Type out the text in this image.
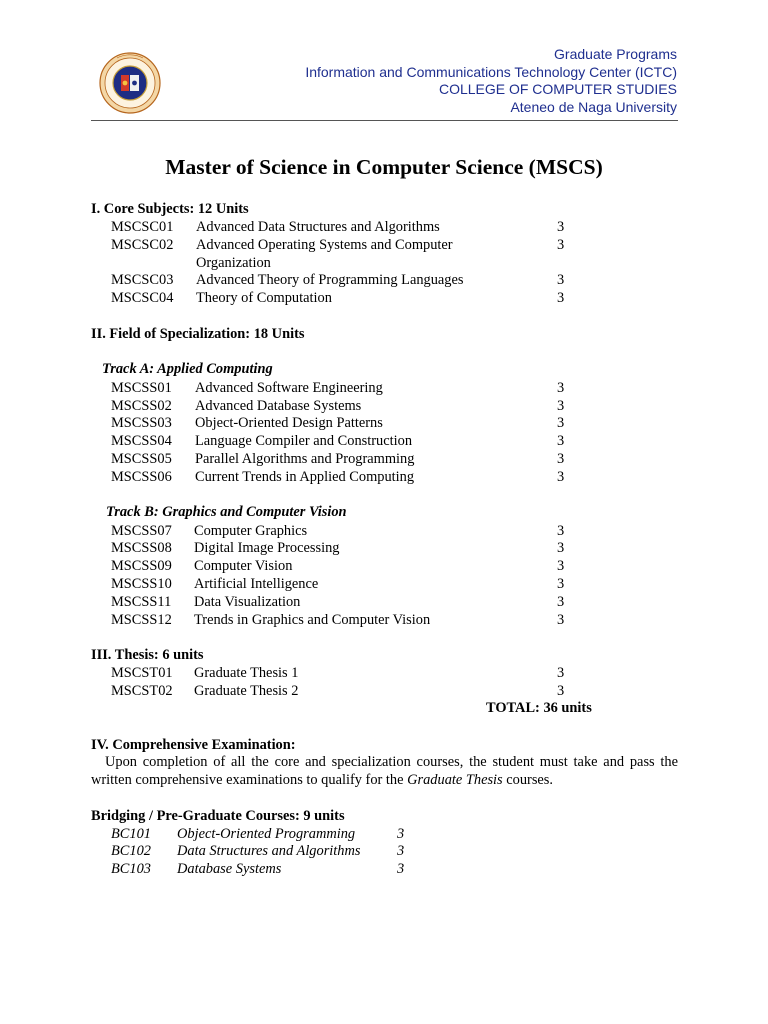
Graduate Programs
Information and Communications Technology Center (ICTC)
COLLEGE OF COMPUTER STUDIES
Ateneo de Naga University
Master of Science in Computer Science (MSCS)
I. Core Subjects: 12 Units
MSCSC01 Advanced Data Structures and Algorithms	3
MSCSC02 Advanced Operating Systems and Computer	3
Organization
MSCSC03 Advanced Theory of Programming Languages	3
MSCSC04 Theory of Computation	3
II. Field of Specialization: 18 Units
Track A: Applied Computing
MSCSS01 Advanced Software Engineering	3
MSCSS02 Advanced Database Systems	3
MSCSS03 Object-Oriented Design Patterns	3
MSCSS04 Language Compiler and Construction	3
MSCSS05 Parallel Algorithms and Programming	3
MSCSS06 Current Trends in Applied Computing	3
Track B: Graphics and Computer Vision
MSCSS07 Computer Graphics	3
MSCSS08 Digital Image Processing	3
MSCSS09 Computer Vision	3
MSCSS10 Artificial Intelligence	3
MSCSS11 Data Visualization	3
MSCSS12 Trends in Graphics and Computer Vision	3
III. Thesis: 6 units
MSCST01 Graduate Thesis 1	3
MSCST02 Graduate Thesis 2	3
TOTAL: 36 units
IV. Comprehensive Examination:
Upon completion of all the core and specialization courses, the student must take and pass the written comprehensive examinations to qualify for the Graduate Thesis courses.
Bridging / Pre-Graduate Courses: 9 units
BC101 Object-Oriented Programming	3
BC102 Data Structures and Algorithms	3
BC103 Database Systems	3
